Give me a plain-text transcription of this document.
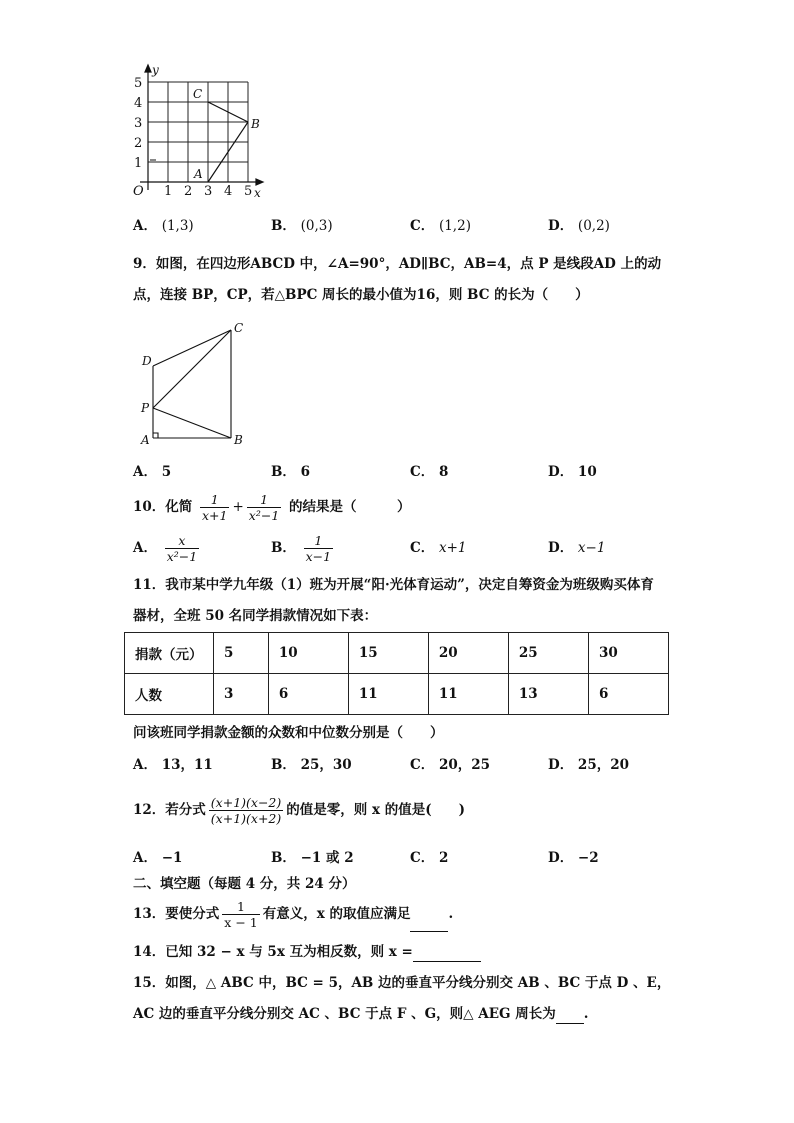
5
4
3
2
1
1 2 3 4 5
O	x
y
C
B
A
A． (1,3)	B． (0,3)	C． (1,2)	D． (0,2)
9．如图，在四边形ABCD 中，∠A=90°，AD∥BC，AB=4，点 P 是线段AD 上的动
点，连接 BP，CP，若△BPC 周长的最小值为16，则 BC 的长为（　　）
C
D
P
A	B
A． 5	B． 6	C． 8	D． 10
10．化简 $\frac{1}{x+1} + \frac{1}{\text{x²−1}}$ 的结果是（　　　）
A． $\frac{x}{\text{x²−1}}$	B． $\frac{1}{x-1}$	C． x+1	D． x−1
11．我市某中学九年级（1）班为开展“阳·光体育运动”，决定自筹资金为班级购买体育
器材，全班 50 名同学捐款情况如下表：
捐款（元）	5	10	15	20	25	30
人数	3	6	11	11	13	6
问该班同学捐款金额的众数和中位数分别是（　　）
A． 13，11	B． 25，30	C． 20，25	D． 25，20
12．若分式 $\frac{(x+1)(x-2)}{(x+1)(x+2)}$ 的值是零，则 x 的值是(　　)
A． −1	B． −1 或 2	C． 2	D． −2
二、填空题（每题 4 分，共 24 分）
13．要使分式 $\frac{1}{x - 1}$ 有意义，x 的取值应满足	.
14．已知 32 − x 与 5x 互为相反数，则 x =
15．如图，△ ABC 中，BC = 5，AB 边的垂直平分线分别交 AB 、BC 于点 D 、E，
AC 边的垂直平分线分别交 AC 、BC 于点 F 、G，则△ AEG 周长为 .
